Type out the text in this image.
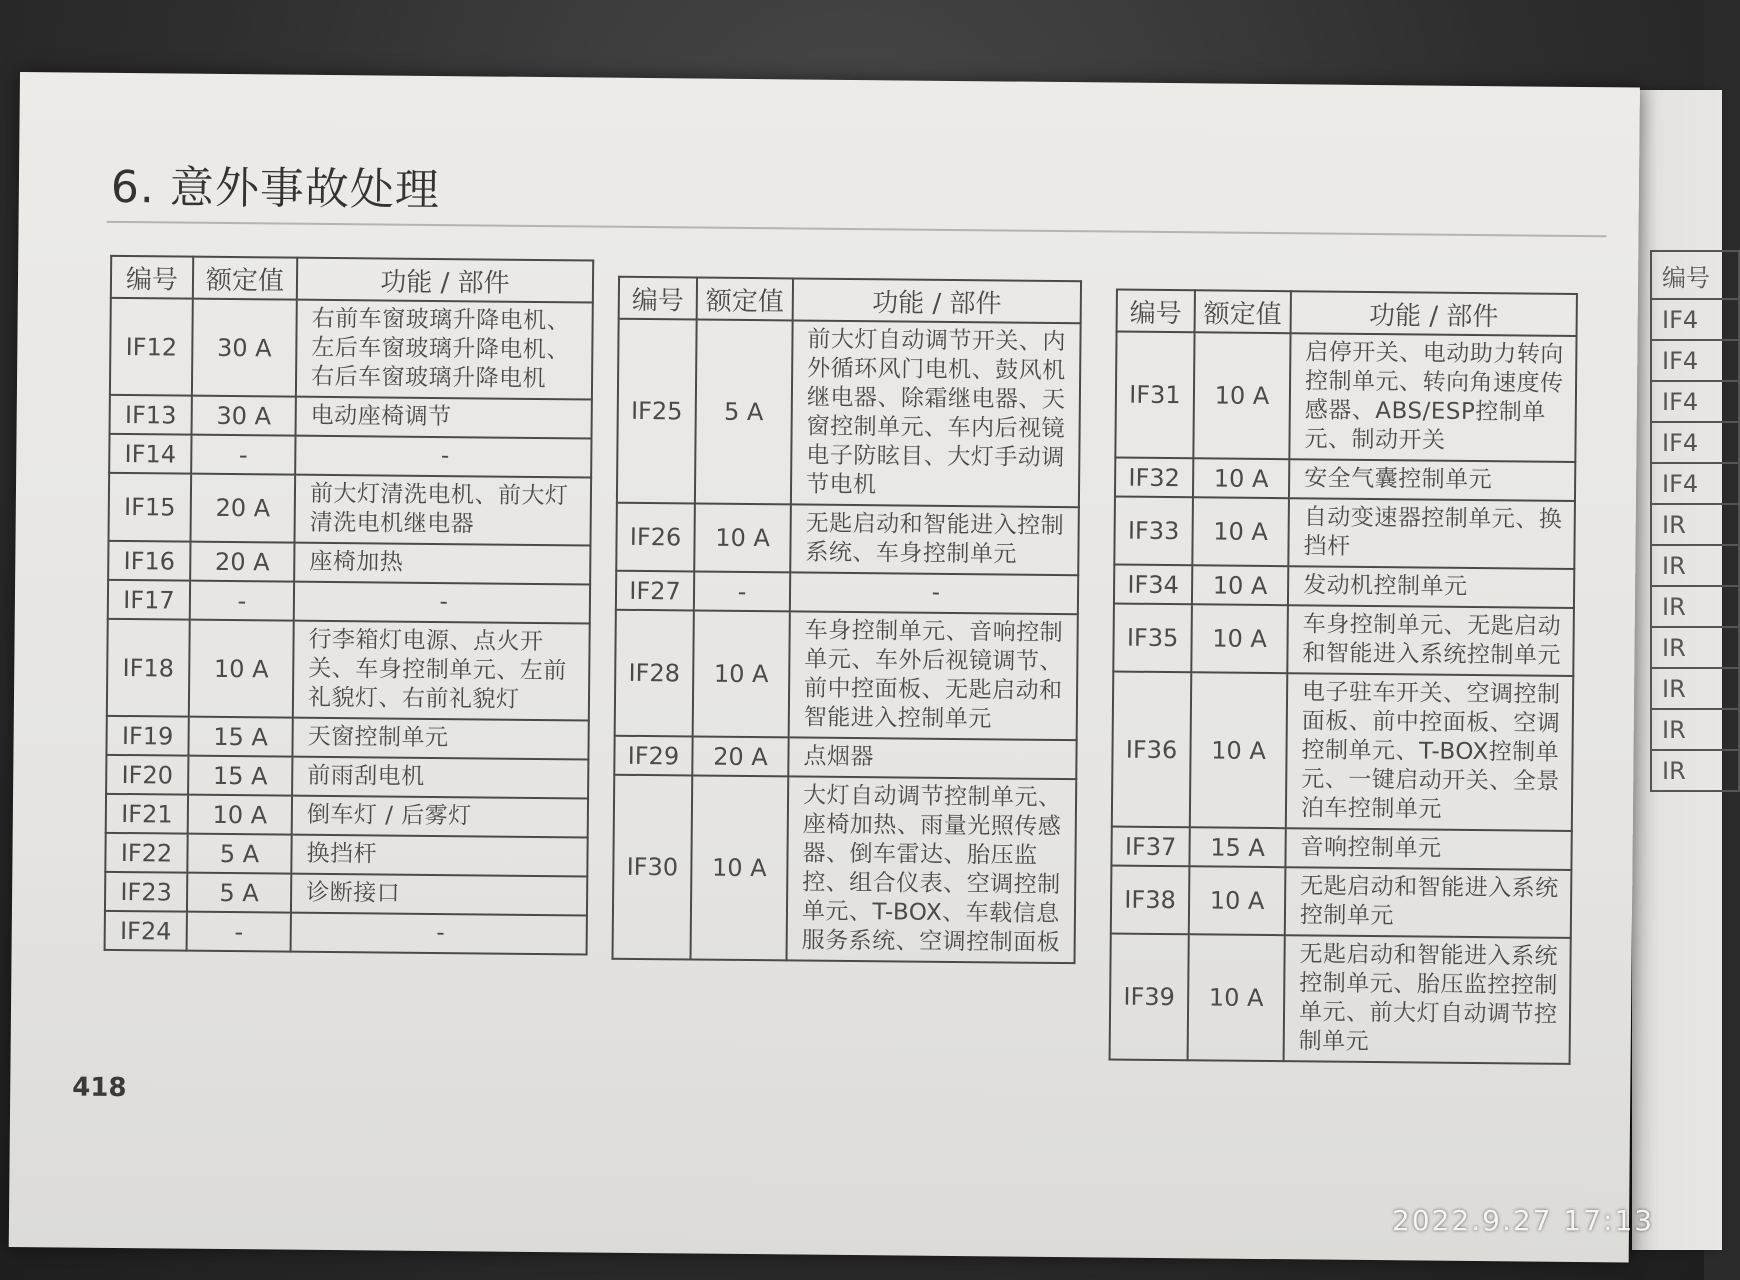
编号
IF4
IF4
IF4
IF4
IF4
IR
IR
IR
IR
IR
IR
IR
6. 意外事故处理
编号	额定值	功能 / 部件
IF12	30 A	右前车窗玻璃升降电机、左后车窗玻璃升降电机、右后车窗玻璃升降电机
IF13	30 A	电动座椅调节
IF14	-	-
IF15	20 A	前大灯清洗电机、前大灯清洗电机继电器
IF16	20 A	座椅加热
IF17	-	-
IF18	10 A	行李箱灯电源、点火开关、车身控制单元、左前礼貌灯、右前礼貌灯
IF19	15 A	天窗控制单元
IF20	15 A	前雨刮电机
IF21	10 A	倒车灯 / 后雾灯
IF22	5 A	换挡杆
IF23	5 A	诊断接口
IF24	-	-
编号	额定值	功能 / 部件
IF25	5 A	前大灯自动调节开关、内外循环风门电机、鼓风机继电器、除霜继电器、天窗控制单元、车内后视镜电子防眩目、大灯手动调节电机
IF26	10 A	无匙启动和智能进入控制系统、车身控制单元
IF27	-	-
IF28	10 A	车身控制单元、音响控制单元、车外后视镜调节、前中控面板、无匙启动和智能进入控制单元
IF29	20 A	点烟器
IF30	10 A	大灯自动调节控制单元、座椅加热、雨量光照传感器、倒车雷达、胎压监控、组合仪表、空调控制单元、T-BOX、车载信息服务系统、空调控制面板
编号	额定值	功能 / 部件
IF31	10 A	启停开关、电动助力转向控制单元、转向角速度传感器、ABS/ESP控制单元、制动开关
IF32	10 A	安全气囊控制单元
IF33	10 A	自动变速器控制单元、换挡杆
IF34	10 A	发动机控制单元
IF35	10 A	车身控制单元、无匙启动和智能进入系统控制单元
IF36	10 A	电子驻车开关、空调控制面板、前中控面板、空调控制单元、T-BOX控制单元、一键启动开关、全景泊车控制单元
IF37	15 A	音响控制单元
IF38	10 A	无匙启动和智能进入系统控制单元
IF39	10 A	无匙启动和智能进入系统控制单元、胎压监控控制单元、前大灯自动调节控制单元
418
2022.9.27 17:13
